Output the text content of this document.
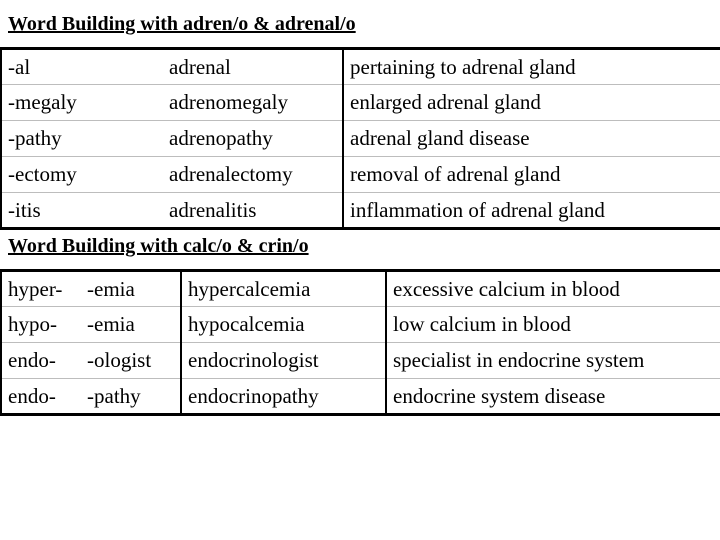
Word Building with adren/o & adrenal/o
-al	adrenal	pertaining to adrenal gland
-megaly	adrenomegaly	enlarged adrenal gland
-pathy	adrenopathy	adrenal gland disease
-ectomy	adrenalectomy	removal of adrenal gland
-itis	adrenalitis	inflammation of adrenal gland
Word Building with calc/o & crin/o
hyper-	-emia	hypercalcemia	excessive calcium in blood
hypo-	-emia	hypocalcemia	low calcium in blood
endo-	-ologist	endocrinologist	specialist in endocrine system
endo-	-pathy	endocrinopathy	endocrine system disease
